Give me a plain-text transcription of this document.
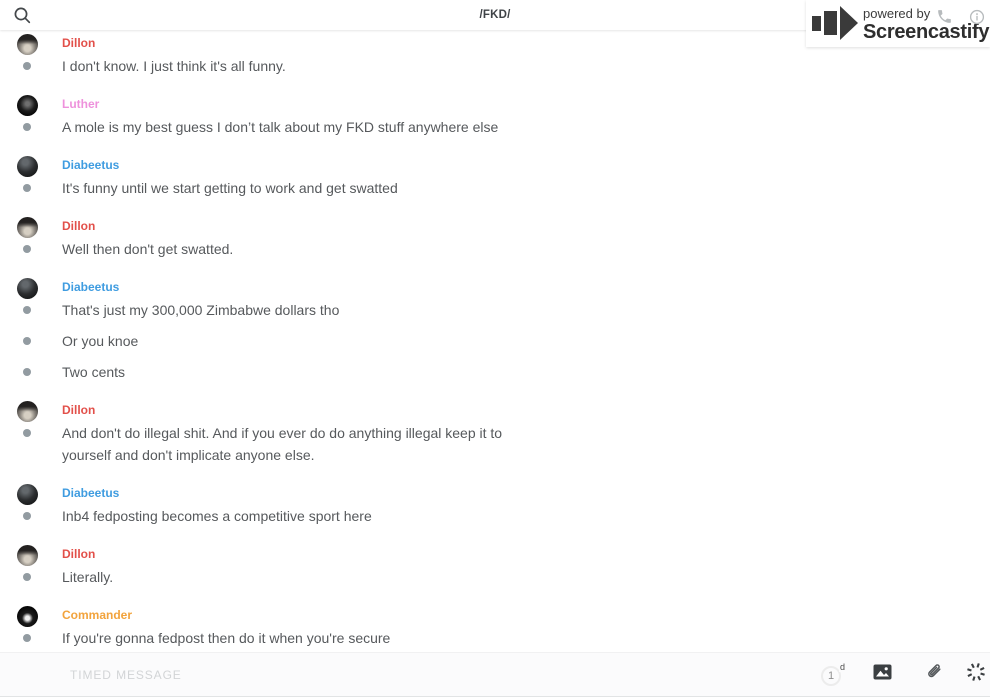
/FKD/	powered by
Screencastify
Dillon
I don't know. I just think it's all funny.
Luther
A mole is my best guess I don’t talk about my FKD stuff anywhere else
Diabeetus
It's funny until we start getting to work and get swatted
Dillon
Well then don't get swatted.
Diabeetus
That's just my 300,000 Zimbabwe dollars tho
Or you knoe
Two cents
Dillon
And don't do illegal shit. And if you ever do do anything illegal keep it to yourself and don't implicate anyone else.
Diabeetus
Inb4 fedposting becomes a competitive sport here
Dillon
Literally.
Commander
If you're gonna fedpost then do it when you're secure
TIMED MESSAGE
1
d
